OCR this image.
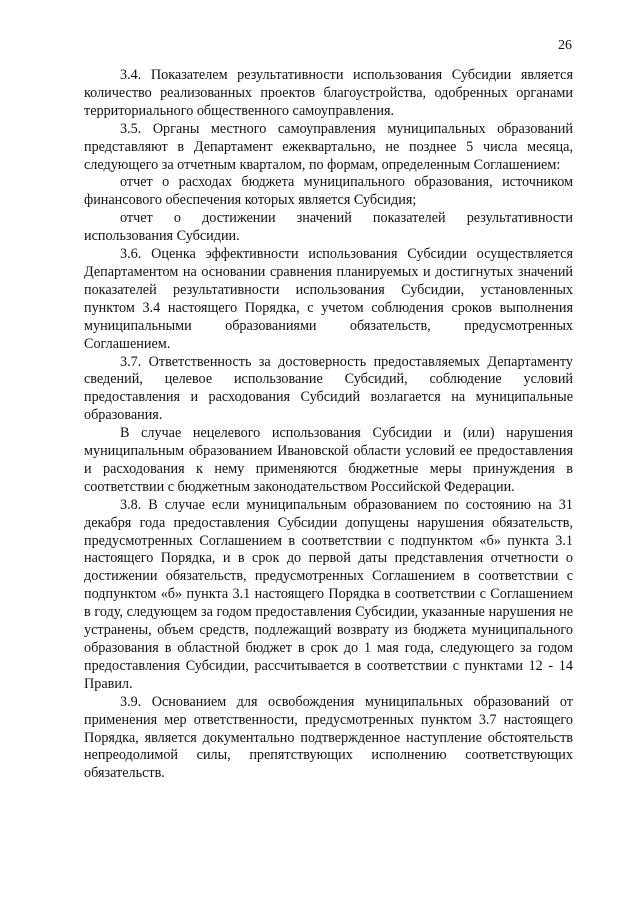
26

3.4. Показателем результативности использования Субсидии является количество реализованных проектов благоустройства, одобренных органами территориального общественного самоуправления.

3.5. Органы местного самоуправления муниципальных образований представляют в Департамент ежеквартально, не позднее 5 числа месяца, следующего за отчетным кварталом, по формам, определенным Соглашением:

отчет о расходах бюджета муниципального образования, источником финансового обеспечения которых является Субсидия;

отчет о достижении значений показателей результативности использования Субсидии.

3.6. Оценка эффективности использования Субсидии осуществляется Департаментом на основании сравнения планируемых и достигнутых значений показателей результативности использования Субсидии, установленных пунктом 3.4 настоящего Порядка, с учетом соблюдения сроков выполнения муниципальными образованиями обязательств, предусмотренных Соглашением.

3.7. Ответственность за достоверность предоставляемых Департаменту сведений, целевое использование Субсидий, соблюдение условий предоставления и расходования Субсидий возлагается на муниципальные образования.

В случае нецелевого использования Субсидии и (или) нарушения муниципальным образованием Ивановской области условий ее предоставления и расходования к нему применяются бюджетные меры принуждения в соответствии с бюджетным законодательством Российской Федерации.

3.8. В случае если муниципальным образованием по состоянию на 31 декабря года предоставления Субсидии допущены нарушения обязательств, предусмотренных Соглашением в соответствии с подпунктом «б» пункта 3.1 настоящего Порядка, и в срок до первой даты представления отчетности о достижении обязательств, предусмотренных Соглашением в соответствии с подпунктом «б» пункта 3.1 настоящего Порядка в соответствии с Соглашением в году, следующем за годом предоставления Субсидии, указанные нарушения не устранены, объем средств, подлежащий возврату из бюджета муниципального образования в областной бюджет в срок до 1 мая года, следующего за годом предоставления Субсидии, рассчитывается в соответствии с пунктами 12 - 14 Правил.

3.9. Основанием для освобождения муниципальных образований от применения мер ответственности, предусмотренных пунктом 3.7 настоящего Порядка, является документально подтвержденное наступление обстоятельств непреодолимой силы, препятствующих исполнению соответствующих обязательств.
